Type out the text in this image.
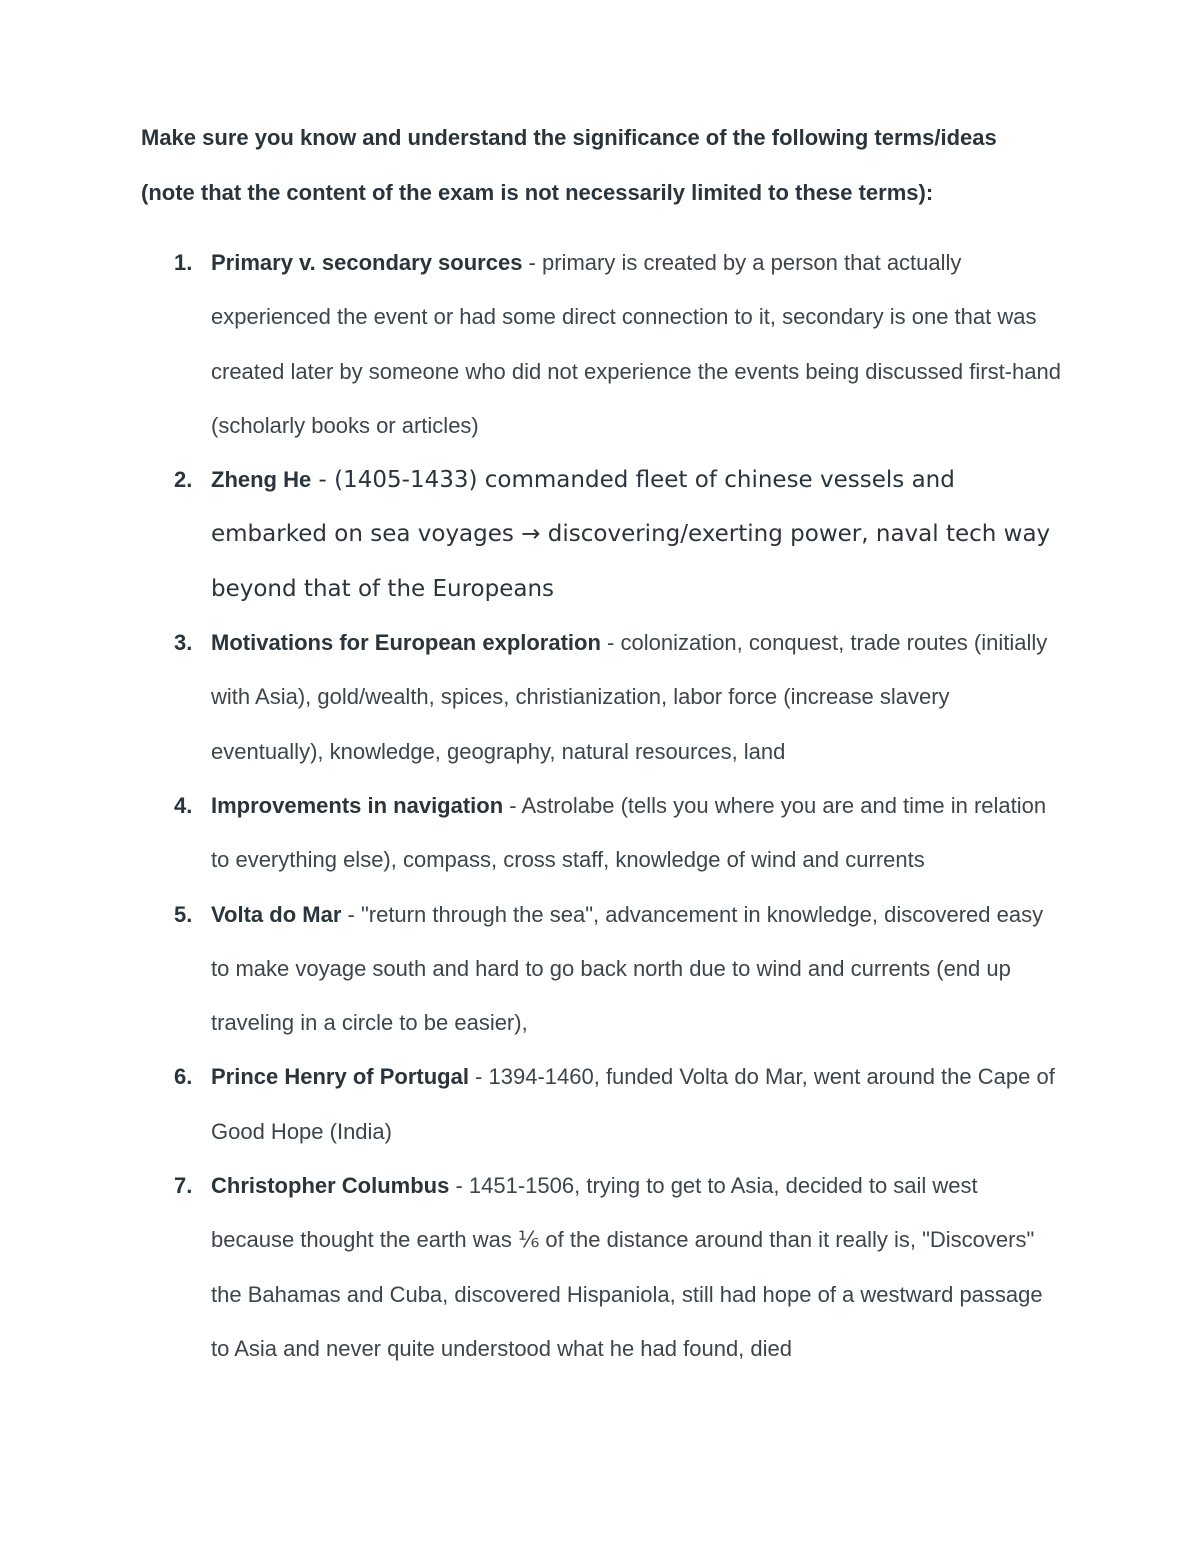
Make sure you know and understand the significance of the following terms/ideas

(note that the content of the exam is not necessarily limited to these terms):

1. Primary v. secondary sources - primary is created by a person that actually experienced the event or had some direct connection to it, secondary is one that was created later by someone who did not experience the events being discussed first-hand (scholarly books or articles)
2. Zheng He - (1405-1433) commanded fleet of chinese vessels and embarked on sea voyages → discovering/exerting power, naval tech way beyond that of the Europeans
3. Motivations for European exploration - colonization, conquest, trade routes (initially with Asia), gold/wealth, spices, christianization, labor force (increase slavery eventually), knowledge, geography, natural resources, land
4. Improvements in navigation - Astrolabe (tells you where you are and time in relation to everything else), compass, cross staff, knowledge of wind and currents
5. Volta do Mar - "return through the sea", advancement in knowledge, discovered easy to make voyage south and hard to go back north due to wind and currents (end up traveling in a circle to be easier),
6. Prince Henry of Portugal - 1394-1460, funded Volta do Mar, went around the Cape of Good Hope (India)
7. Christopher Columbus - 1451-1506, trying to get to Asia, decided to sail west because thought the earth was ⅙ of the distance around than it really is, "Discovers" the Bahamas and Cuba, discovered Hispaniola, still had hope of a westward passage to Asia and never quite understood what he had found, died
